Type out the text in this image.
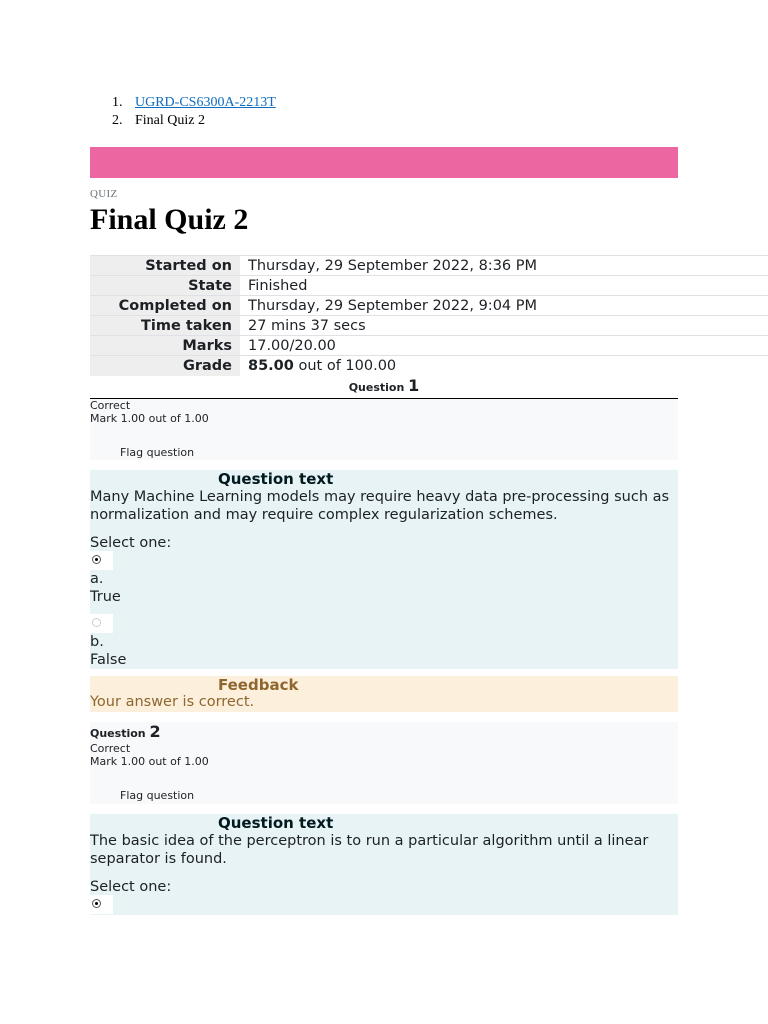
1. UGRD-CS6300A-2213T
2. Final Quiz 2
QUIZ
Final Quiz 2
Started on	Thursday, 29 September 2022, 8:36 PM
State	Finished
Completed on	Thursday, 29 September 2022, 9:04 PM
Time taken	27 mins 37 secs
Marks	17.00/20.00
Grade	85.00 out of 100.00
Question 1
Correct
Mark 1.00 out of 1.00
Flag question
Question text

Many Machine Learning models may require heavy data pre-processing such as

normalization and may require complex regularization schemes.

Select one:

a.

True

b.

False

Feedback
Your answer is correct.
Question 2
Correct
Mark 1.00 out of 1.00
Flag question
Question text

The basic idea of the perceptron is to run a particular algorithm until a linear

separator is found.

Select one:
